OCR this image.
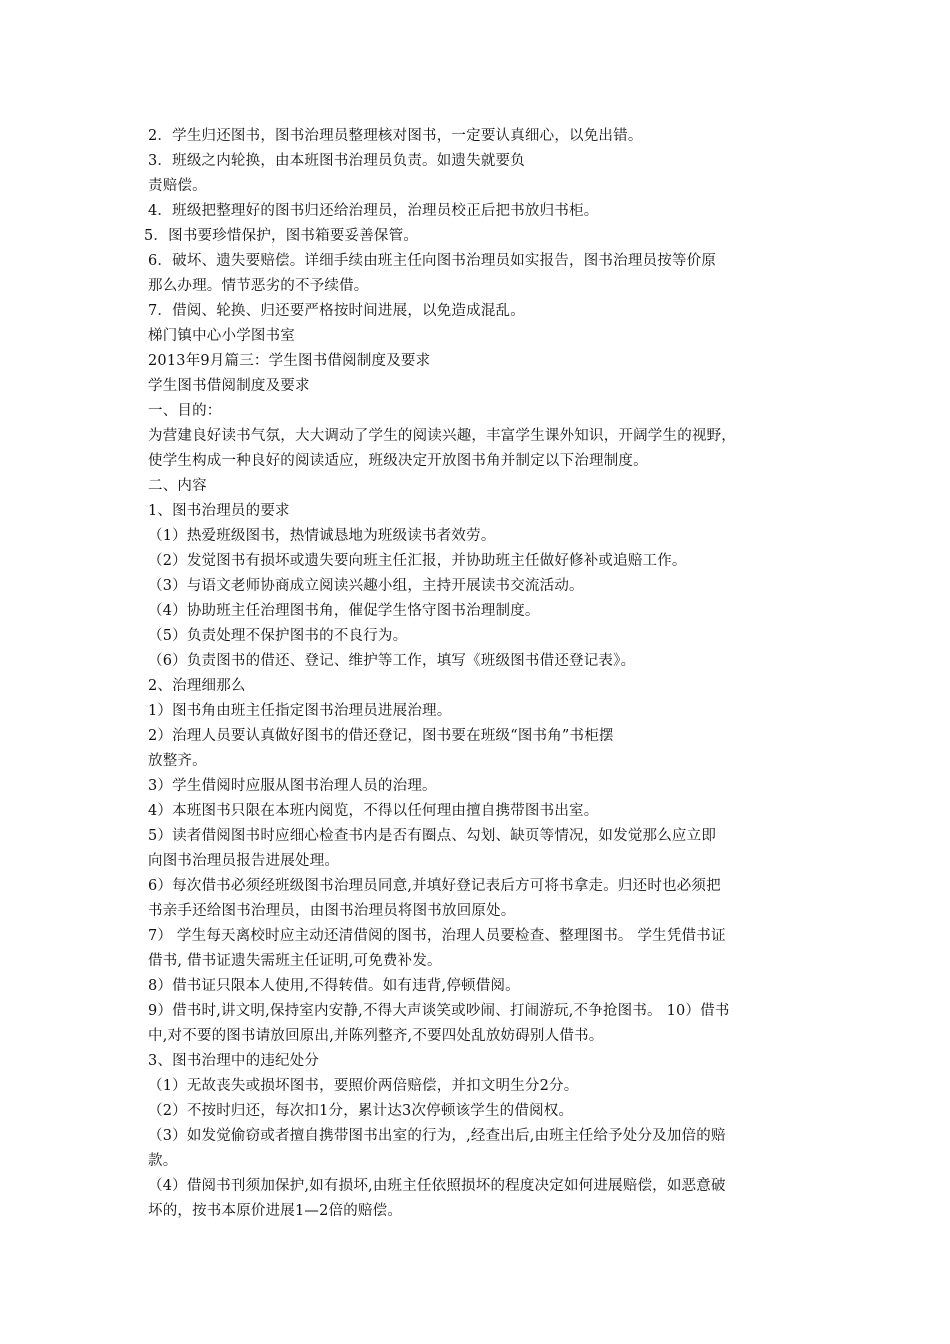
2．学生归还图书，图书治理员整理核对图书，一定要认真细心，以免出错。
3．班级之内轮换，由本班图书治理员负责。如遗失就要负
责赔偿。
4．班级把整理好的图书归还给治理员，治理员校正后把书放归书柜。
5．图书要珍惜保护，图书箱要妥善保管。
6．破坏、遗失要赔偿。详细手续由班主任向图书治理员如实报告，图书治理员按等价原
那么办理。情节恶劣的不予续借。
7．借阅、轮换、归还要严格按时间进展，以免造成混乱。
梯门镇中心小学图书室
2013年9月篇三：学生图书借阅制度及要求
学生图书借阅制度及要求
一、目的：
为营建良好读书气氛，大大调动了学生的阅读兴趣，丰富学生课外知识，开阔学生的视野，
使学生构成一种良好的阅读适应，班级决定开放图书角并制定以下治理制度。
二、内容
1、图书治理员的要求
（1）热爱班级图书，热情诚恳地为班级读书者效劳。
（2）发觉图书有损坏或遗失要向班主任汇报，并协助班主任做好修补或追赔工作。
（3）与语文老师协商成立阅读兴趣小组，主持开展读书交流活动。
（4）协助班主任治理图书角，催促学生恪守图书治理制度。
（5）负责处理不保护图书的不良行为。
（6）负责图书的借还、登记、维护等工作，填写《班级图书借还登记表》。
2、治理细那么
1）图书角由班主任指定图书治理员进展治理。
2）治理人员要认真做好图书的借还登记，图书要在班级“图书角”书柜摆
放整齐。
3）学生借阅时应服从图书治理人员的治理。
4）本班图书只限在本班内阅览，不得以任何理由擅自携带图书出室。
5）读者借阅图书时应细心检查书内是否有圈点、勾划、缺页等情况，如发觉那么应立即
向图书治理员报告进展处理。
6）每次借书必须经班级图书治理员同意,并填好登记表后方可将书拿走。归还时也必须把
书亲手还给图书治理员，由图书治理员将图书放回原处。
7） 学生每天离校时应主动还清借阅的图书，治理人员要检查、整理图书。 学生凭借书证
借书, 借书证遗失需班主任证明,可免费补发。
8）借书证只限本人使用,不得转借。如有违背,停顿借阅。
9）借书时,讲文明,保持室内安静,不得大声谈笑或吵闹、打闹游玩,不争抢图书。 10）借书
中,对不要的图书请放回原出,并陈列整齐,不要四处乱放妨碍别人借书。
3、图书治理中的违纪处分
（1）无故丧失或损坏图书，要照价两倍赔偿，并扣文明生分2分。
（2）不按时归还，每次扣1分，累计达3次停顿该学生的借阅权。
（3）如发觉偷窃或者擅自携带图书出室的行为，,经查出后,由班主任给予处分及加倍的赔
款。
（4）借阅书刊须加保护,如有损坏,由班主任依照损坏的程度决定如何进展赔偿，如恶意破
坏的，按书本原价进展1—2倍的赔偿。
